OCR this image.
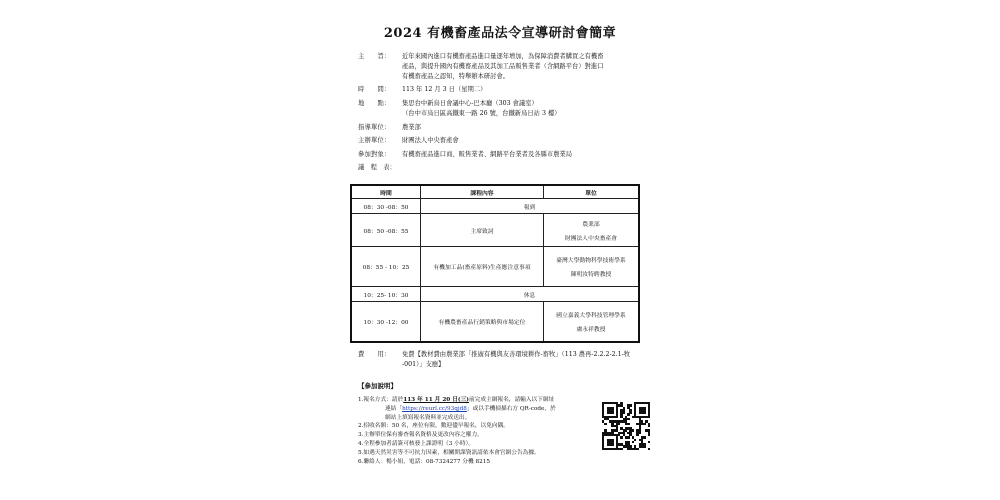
2024 有機畜產品法令宣導研討會簡章
主　　旨：	近年來國內進口有機畜產品進口量逐年增加，為保障消費者購買之有機畜
產品，與提升國內有機畜產品及其加工品販售業者（含網路平台）對進口
有機畜產品之認知，特舉辦本研討會。
時　　間：	113 年 12 月 3 日（星期二）
地　　點：	集思台中新烏日會議中心-巴本廳（303 會議室）
（台中市烏日區高鐵東一路 26 號，台鐵新烏日站 3 樓）
指導單位：	農業部
主辦單位：	財團法人中央畜產會
參加對象：	有機畜產品進口商、販售業者、網路平台業者及各縣市農業局
議　程　表：
時間	課程內容	單位
08：30 -08：50	報到	
08：50 -08：55	主席致詞	農業部
財團法人中央畜產會

08：55 - 10：25	有機加工品(畜產原料)生產應注意事項	臺灣大學動物科學技術學系
陳明汝特聘教授

10：25- 10：30	休息	
10：30 -12：00	有機農畜產品行銷策略與市場定位	國立嘉義大學科技管理學系
盧永祥教授
費　　用：	免費【教材費由農業部「推廣有機與友善環境耕作-畜牧」（113 農再-2.2.2-2.1-牧
-001）」支應】
【參加說明】
1.報名方式：請於113 年 11 月 20 日(三)前完成主網報名，請輸入以下網址
連結「https://reurl.cc/93qjd8」或以手機掃描右方 QR-code，於
網站上填寫報名資料並完成送出。
2.招收名額：50 名，座位有限，數迎儘早報名，以免向隅。
3.主辦單位保有審查報名資格及更改內容之權力。
4.全程參加者請簽可核發上課證明（3 小時）。
5.如遇天然災害等不可抗力因素，相關開課資訊請依本會官網公告為據。
6.聯絡人：楊小姐，電話：08-7324277 分機 8215
